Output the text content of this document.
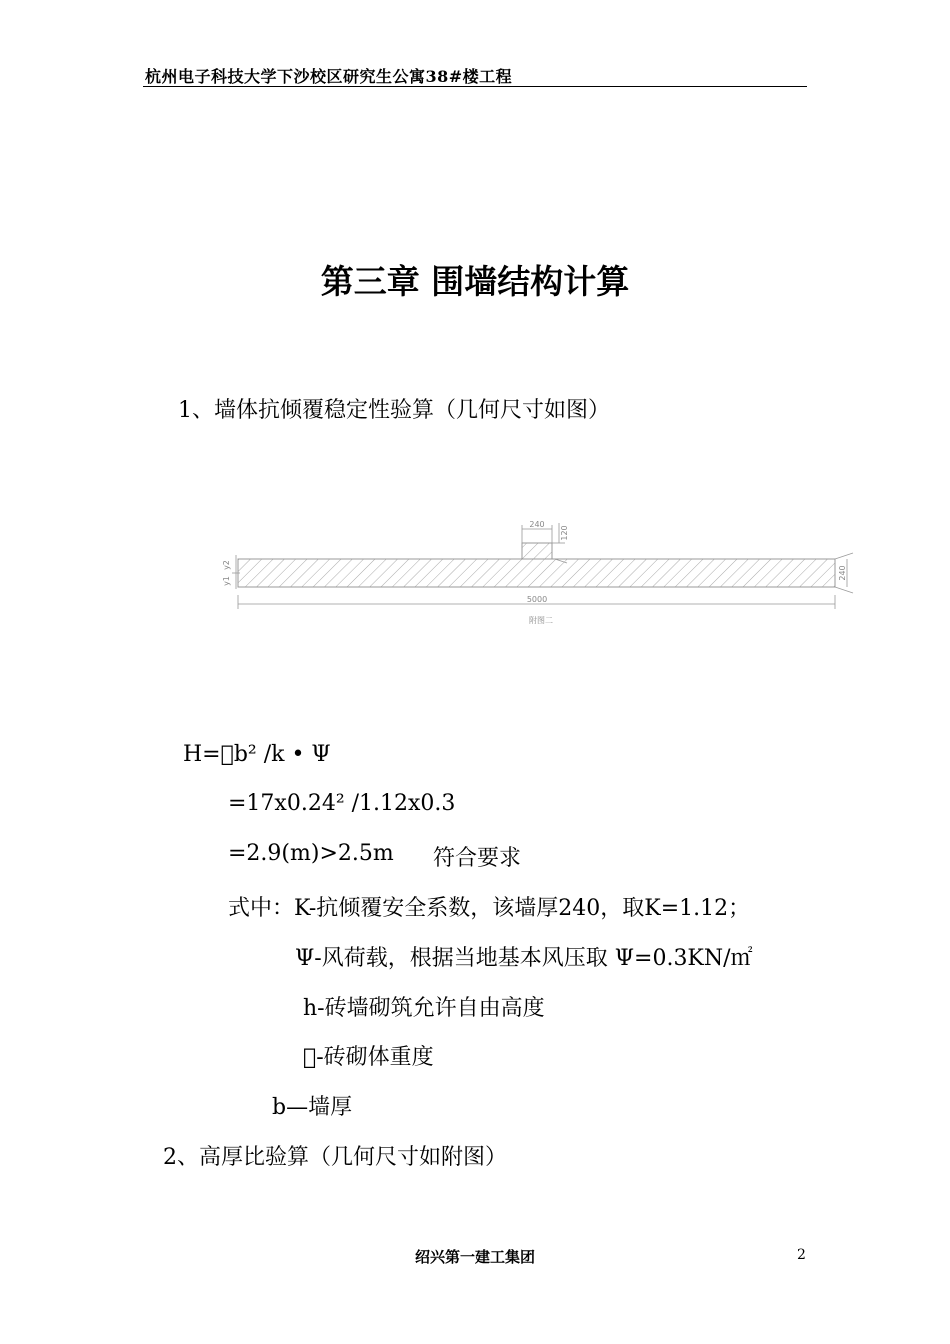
杭州电子科技大学下沙校区研究生公寓38#楼工程
第三章 围墙结构计算
1、墙体抗倾覆稳定性验算（几何尺寸如图）
240
120
240
y2
y1
5000
附图二
H= b² /k • Ψ
=17x0.24² /1.12x0.3
=2.9(m)>2.5m 符合要求
式中：K-抗倾覆安全系数，该墙厚240，取K=1.12；
Ψ-风荷载，根据当地基本风压取 Ψ=0.3KN/㎡
h-砖墙砌筑允许自由高度
 -砖砌体重度
b—墙厚
2、高厚比验算（几何尺寸如附图）
绍兴第一建工集团	2
